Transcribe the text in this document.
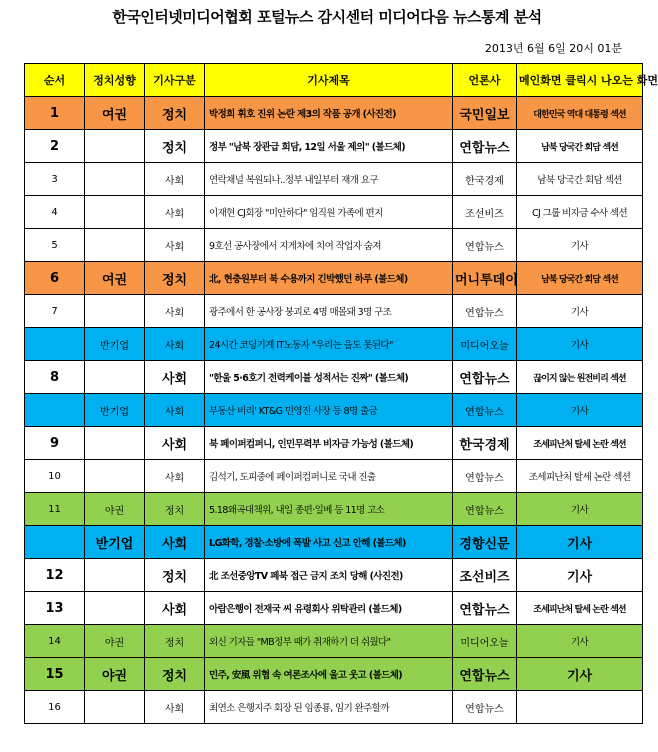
한국인터넷미디어협회 포털뉴스 감시센터 미디어다음 뉴스통계 분석
2013년 6월 6일 20시 01분
순서	정치성향	기사구분	기사제목	언론사	메인화면 클릭시 나오는 화면
1	여권	정치	박정희 휘호 진위 논란 제3의 작품 공개 (사진전)	국민일보	대한민국 역대 대통령 섹션
2		정치	정부 "남북 장관급 회담, 12일 서울 제의" (볼드체)	연합뉴스	남북 당국간 회담 섹션
3		사회	연락채널 복원되나..정부 내일부터 재개 요구	한국경제	남북 당국간 회담 섹션
4		사회	이재현 CJ회장 "미안하다" 임직원 가족에 편지	조선비즈	CJ 그룹 비자금 수사 섹션
5		사회	9호선 공사장에서 지게차에 치여 작업자 숨져	연합뉴스	기사
6	여권	정치	北, 현충원부터 북 수용까지 긴박했던 하루 (볼드체)	머니투데이	남북 당국간 회담 섹션
7		사회	광주에서 한 공사장 붕괴로 4명 매몰돼 3명 구조	연합뉴스	기사
	반기업	사회	24시간 코딩기계 IT노동자 "우리는 을도 못된다"	미디어오늘	기사
8		사회	"한울 5·6호기 전력케이블 성적서는 진짜" (볼드체)	연합뉴스	끊이지 않는 원전비리 섹션
	반기업	사회	부동산 비리' KT&G 민영진 사장 등 8명 출금	연합뉴스	기사
9		사회	북 페이퍼컴퍼니, 인민무력부 비자금 가능성 (볼드체)	한국경제	조세피난처 탈세 논란 섹션
10		사회	김석기, 도피중에 페이퍼컴퍼니로 국내 진출	연합뉴스	조세피난처 탈세 논란 섹션
11	야권	정치	5.18왜곡대책위, 내일 종편·일베 등 11명 고소	연합뉴스	기사
	반기업	사회	LG화학, 경찰·소방에 폭발 사고 신고 안해 (볼드체)	경향신문	기사
12		정치	北 조선중앙TV 페북 접근 금지 조치 당해 (사진전)	조선비즈	기사
13		사회	아람은행이 전재국 씨 유령회사 위탁관리 (볼드체)	연합뉴스	조세피난처 탈세 논란 섹션
14	야권	정치	외신 기자들 "MB정부 때가 취재하기 더 쉬웠다"	미디어오늘	기사
15	야권	정치	민주, 安風 위협 속 여론조사에 울고 웃고 (볼드체)	연합뉴스	기사
16		사회	최연소 은행지주 회장 된 임종룡, 임기 완주할까	연합뉴스	
